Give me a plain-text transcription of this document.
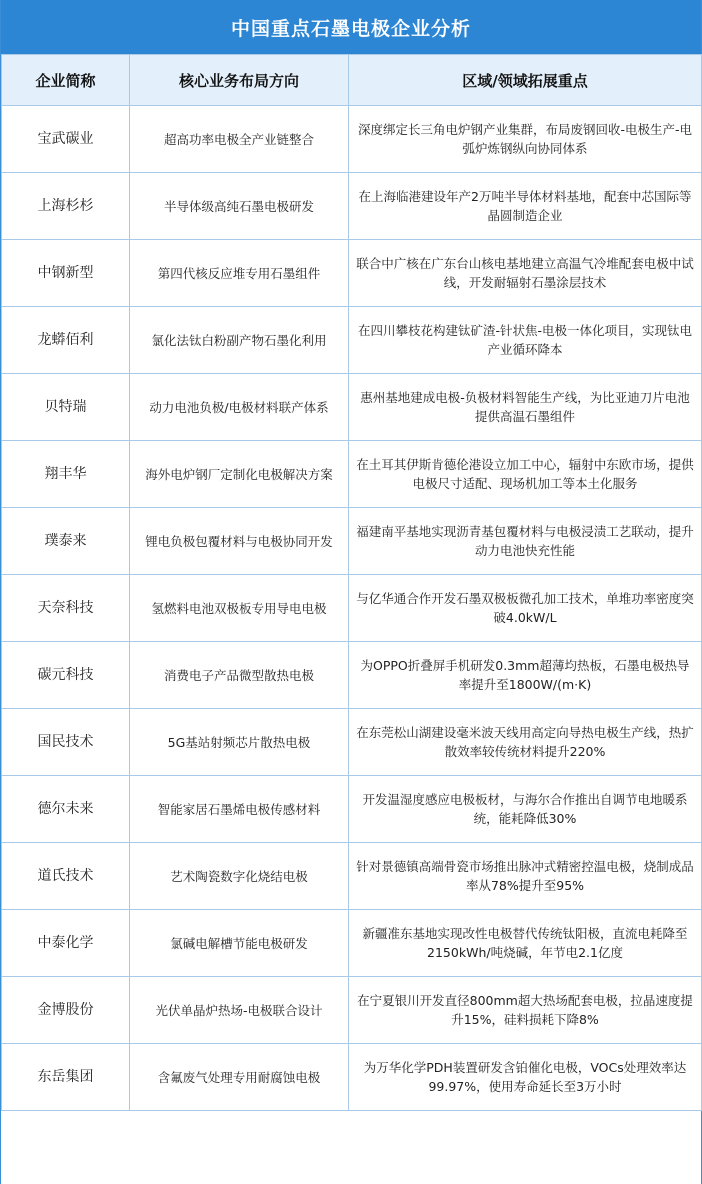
中国重点石墨电极企业分析
企业简称	核心业务布局方向	区域/领域拓展重点
宝武碳业	超高功率电极全产业链整合	深度绑定长三角电炉钢产业集群，布局废钢回收-电极生产-电弧炉炼钢纵向协同体系
上海杉杉	半导体级高纯石墨电极研发	在上海临港建设年产2万吨半导体材料基地，配套中芯国际等晶圆制造企业
中钢新型	第四代核反应堆专用石墨组件	联合中广核在广东台山核电基地建立高温气冷堆配套电极中试线，开发耐辐射石墨涂层技术
龙蟒佰利	氯化法钛白粉副产物石墨化利用	在四川攀枝花构建钛矿渣-针状焦-电极一体化项目，实现钛电产业循环降本
贝特瑞	动力电池负极/电极材料联产体系	惠州基地建成电极-负极材料智能生产线，为比亚迪刀片电池提供高温石墨组件
翔丰华	海外电炉钢厂定制化电极解决方案	在土耳其伊斯肯德伦港设立加工中心，辐射中东欧市场，提供电极尺寸适配、现场机加工等本土化服务
璞泰来	锂电负极包覆材料与电极协同开发	福建南平基地实现沥青基包覆材料与电极浸渍工艺联动，提升动力电池快充性能
天奈科技	氢燃料电池双极板专用导电电极	与亿华通合作开发石墨双极板微孔加工技术，单堆功率密度突破4.0kW/L
碳元科技	消费电子产品微型散热电极	为OPPO折叠屏手机研发0.3mm超薄均热板，石墨电极热导率提升至1800W/(m·K)
国民技术	5G基站射频芯片散热电极	在东莞松山湖建设毫米波天线用高定向导热电极生产线，热扩散效率较传统材料提升220%
德尔未来	智能家居石墨烯电极传感材料	开发温湿度感应电极板材，与海尔合作推出自调节电地暖系统，能耗降低30%
道氏技术	艺术陶瓷数字化烧结电极	针对景德镇高端骨瓷市场推出脉冲式精密控温电极，烧制成品率从78%提升至95%
中泰化学	氯碱电解槽节能电极研发	新疆准东基地实现改性电极替代传统钛阳极，直流电耗降至2150kWh/吨烧碱，年节电2.1亿度
金博股份	光伏单晶炉热场-电极联合设计	在宁夏银川开发直径800mm超大热场配套电极，拉晶速度提升15%，硅料损耗下降8%
东岳集团	含氟废气处理专用耐腐蚀电极	为万华化学PDH装置研发含铂催化电极，VOCs处理效率达99.97%，使用寿命延长至3万小时
